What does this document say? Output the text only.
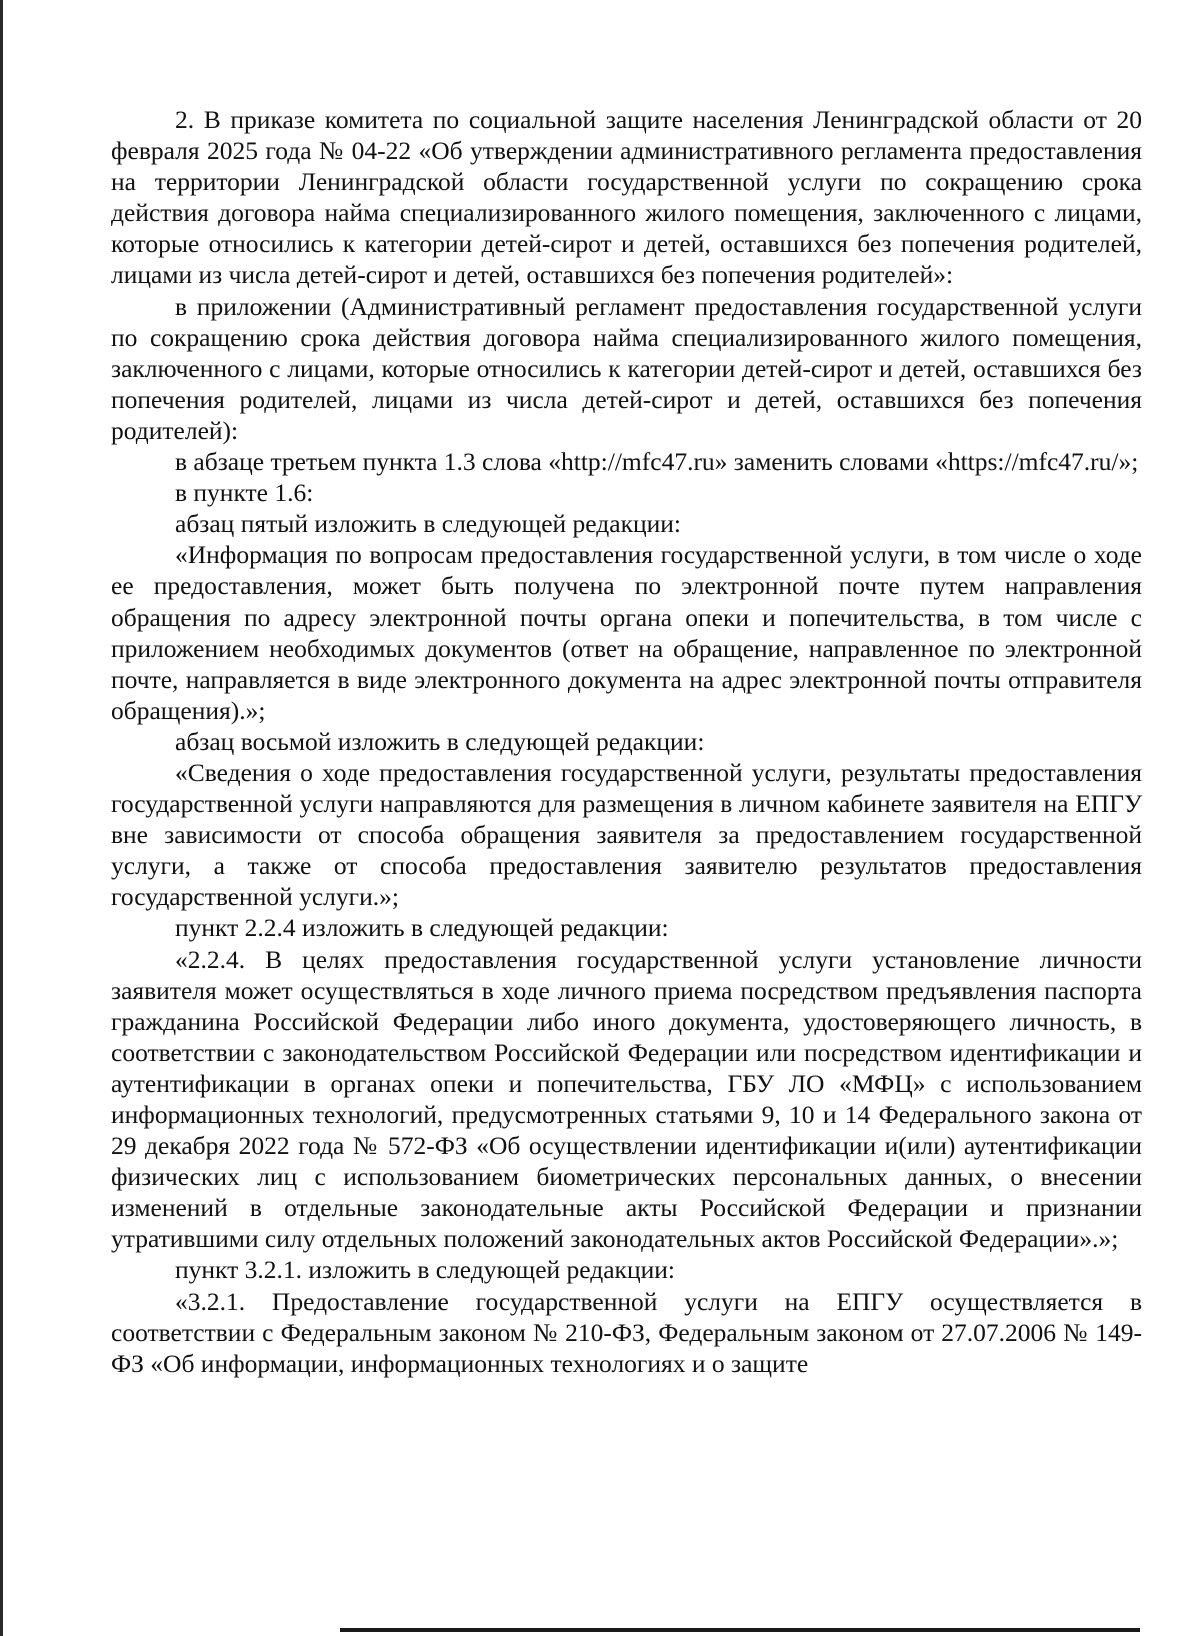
2. В приказе комитета по социальной защите населения Ленинградской области от 20 февраля 2025 года № 04-22 «Об утверждении административного регламента предоставления на территории Ленинградской области государственной услуги по сокращению срока действия договора найма специализированного жилого помещения, заключенного с лицами, которые относились к категории детей-сирот и детей, оставшихся без попечения родителей, лицами из числа детей-сирот и детей, оставшихся без попечения родителей»:

в приложении (Административный регламент предоставления государственной услуги по сокращению срока действия договора найма специализированного жилого помещения, заключенного с лицами, которые относились к категории детей-сирот и детей, оставшихся без попечения родителей, лицами из числа детей-сирот и детей, оставшихся без попечения родителей):

в абзаце третьем пункта 1.3 слова «http://mfc47.ru» заменить словами «https://mfc47.ru/»;

в пункте 1.6:

абзац пятый изложить в следующей редакции:

«Информация по вопросам предоставления государственной услуги, в том числе о ходе ее предоставления, может быть получена по электронной почте путем направления обращения по адресу электронной почты органа опеки и попечительства, в том числе с приложением необходимых документов (ответ на обращение, направленное по электронной почте, направляется в виде электронного документа на адрес электронной почты отправителя обращения).»;

абзац восьмой изложить в следующей редакции:

«Сведения о ходе предоставления государственной услуги, результаты предоставления государственной услуги направляются для размещения в личном кабинете заявителя на ЕПГУ вне зависимости от способа обращения заявителя за предоставлением государственной услуги, а также от способа предоставления заявителю результатов предоставления государственной услуги.»;

пункт 2.2.4 изложить в следующей редакции:

«2.2.4. В целях предоставления государственной услуги установление личности заявителя может осуществляться в ходе личного приема посредством предъявления паспорта гражданина Российской Федерации либо иного документа, удостоверяющего личность, в соответствии с законодательством Российской Федерации или посредством идентификации и аутентификации в органах опеки и попечительства, ГБУ ЛО «МФЦ» с использованием информационных технологий, предусмотренных статьями 9, 10 и 14 Федерального закона от 29 декабря 2022 года № 572-ФЗ «Об осуществлении идентификации и(или) аутентификации физических лиц с использованием биометрических персональных данных, о внесении изменений в отдельные законодательные акты Российской Федерации и признании утратившими силу отдельных положений законодательных актов Российской Федерации».»;

пункт 3.2.1. изложить в следующей редакции:

«3.2.1. Предоставление государственной услуги на ЕПГУ осуществляется в соответствии с Федеральным законом № 210-ФЗ, Федеральным законом от 27.07.2006 № 149-ФЗ «Об информации, информационных технологиях и о защите
